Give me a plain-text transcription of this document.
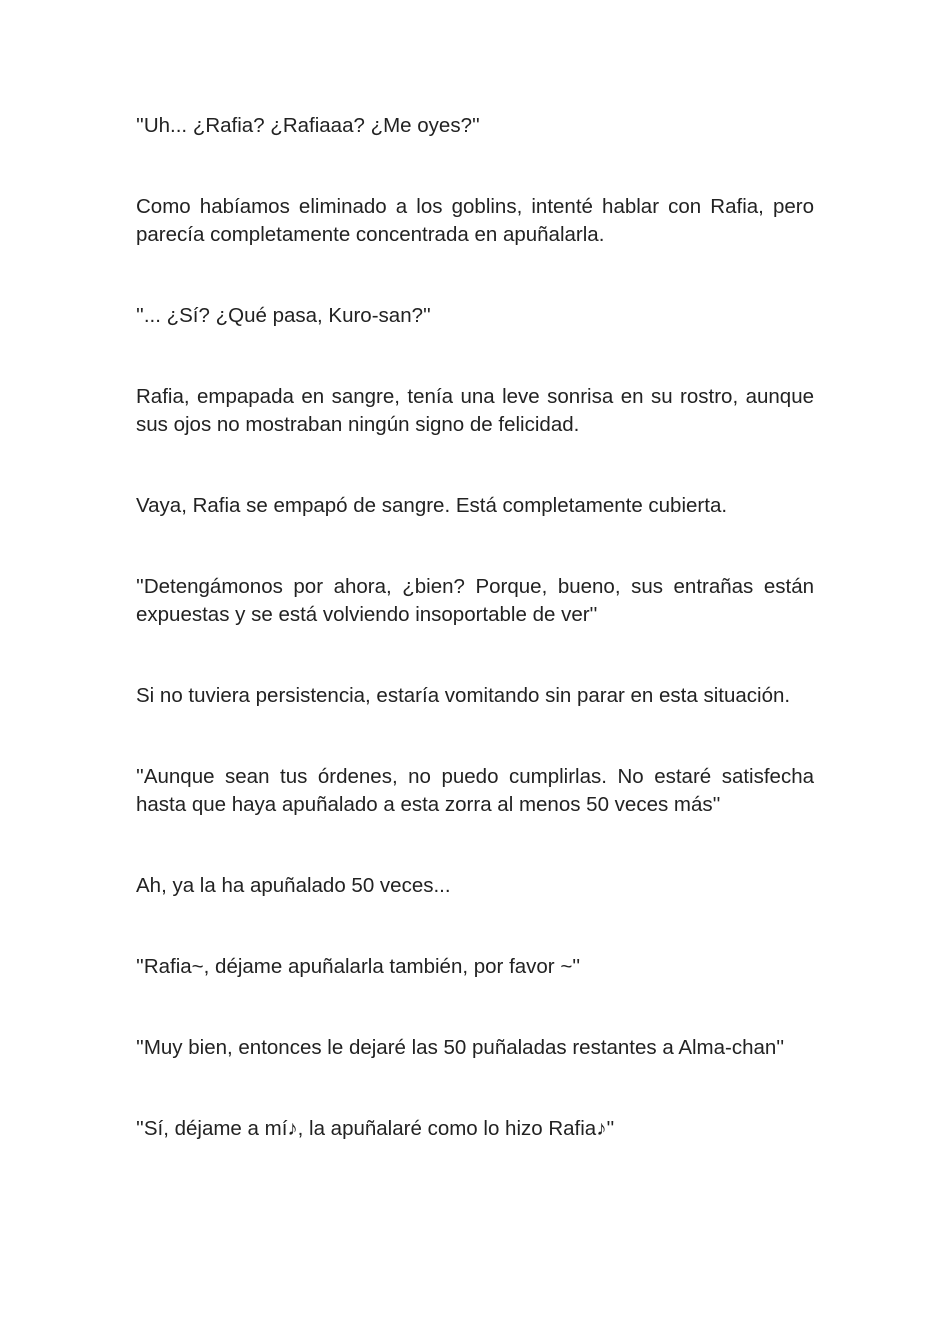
''Uh... ¿Rafia? ¿Rafiaaa? ¿Me oyes?''

Como habíamos eliminado a los goblins, intenté hablar con Rafia, pero parecía completamente concentrada en apuñalarla.

''... ¿Sí? ¿Qué pasa, Kuro-san?''

Rafia, empapada en sangre, tenía una leve sonrisa en su rostro, aunque sus ojos no mostraban ningún signo de felicidad.

Vaya, Rafia se empapó de sangre. Está completamente cubierta.

''Detengámonos por ahora, ¿bien? Porque, bueno, sus entrañas están expuestas y se está volviendo insoportable de ver''

Si no tuviera persistencia, estaría vomitando sin parar en esta situación.

''Aunque sean tus órdenes, no puedo cumplirlas. No estaré satisfecha hasta que haya apuñalado a esta zorra al menos 50 veces más''

Ah, ya la ha apuñalado 50 veces...

''Rafia~, déjame apuñalarla también, por favor ~''

''Muy bien, entonces le dejaré las 50 puñaladas restantes a Alma-chan''

''Sí, déjame a mí♪, la apuñalaré como lo hizo Rafia♪''
